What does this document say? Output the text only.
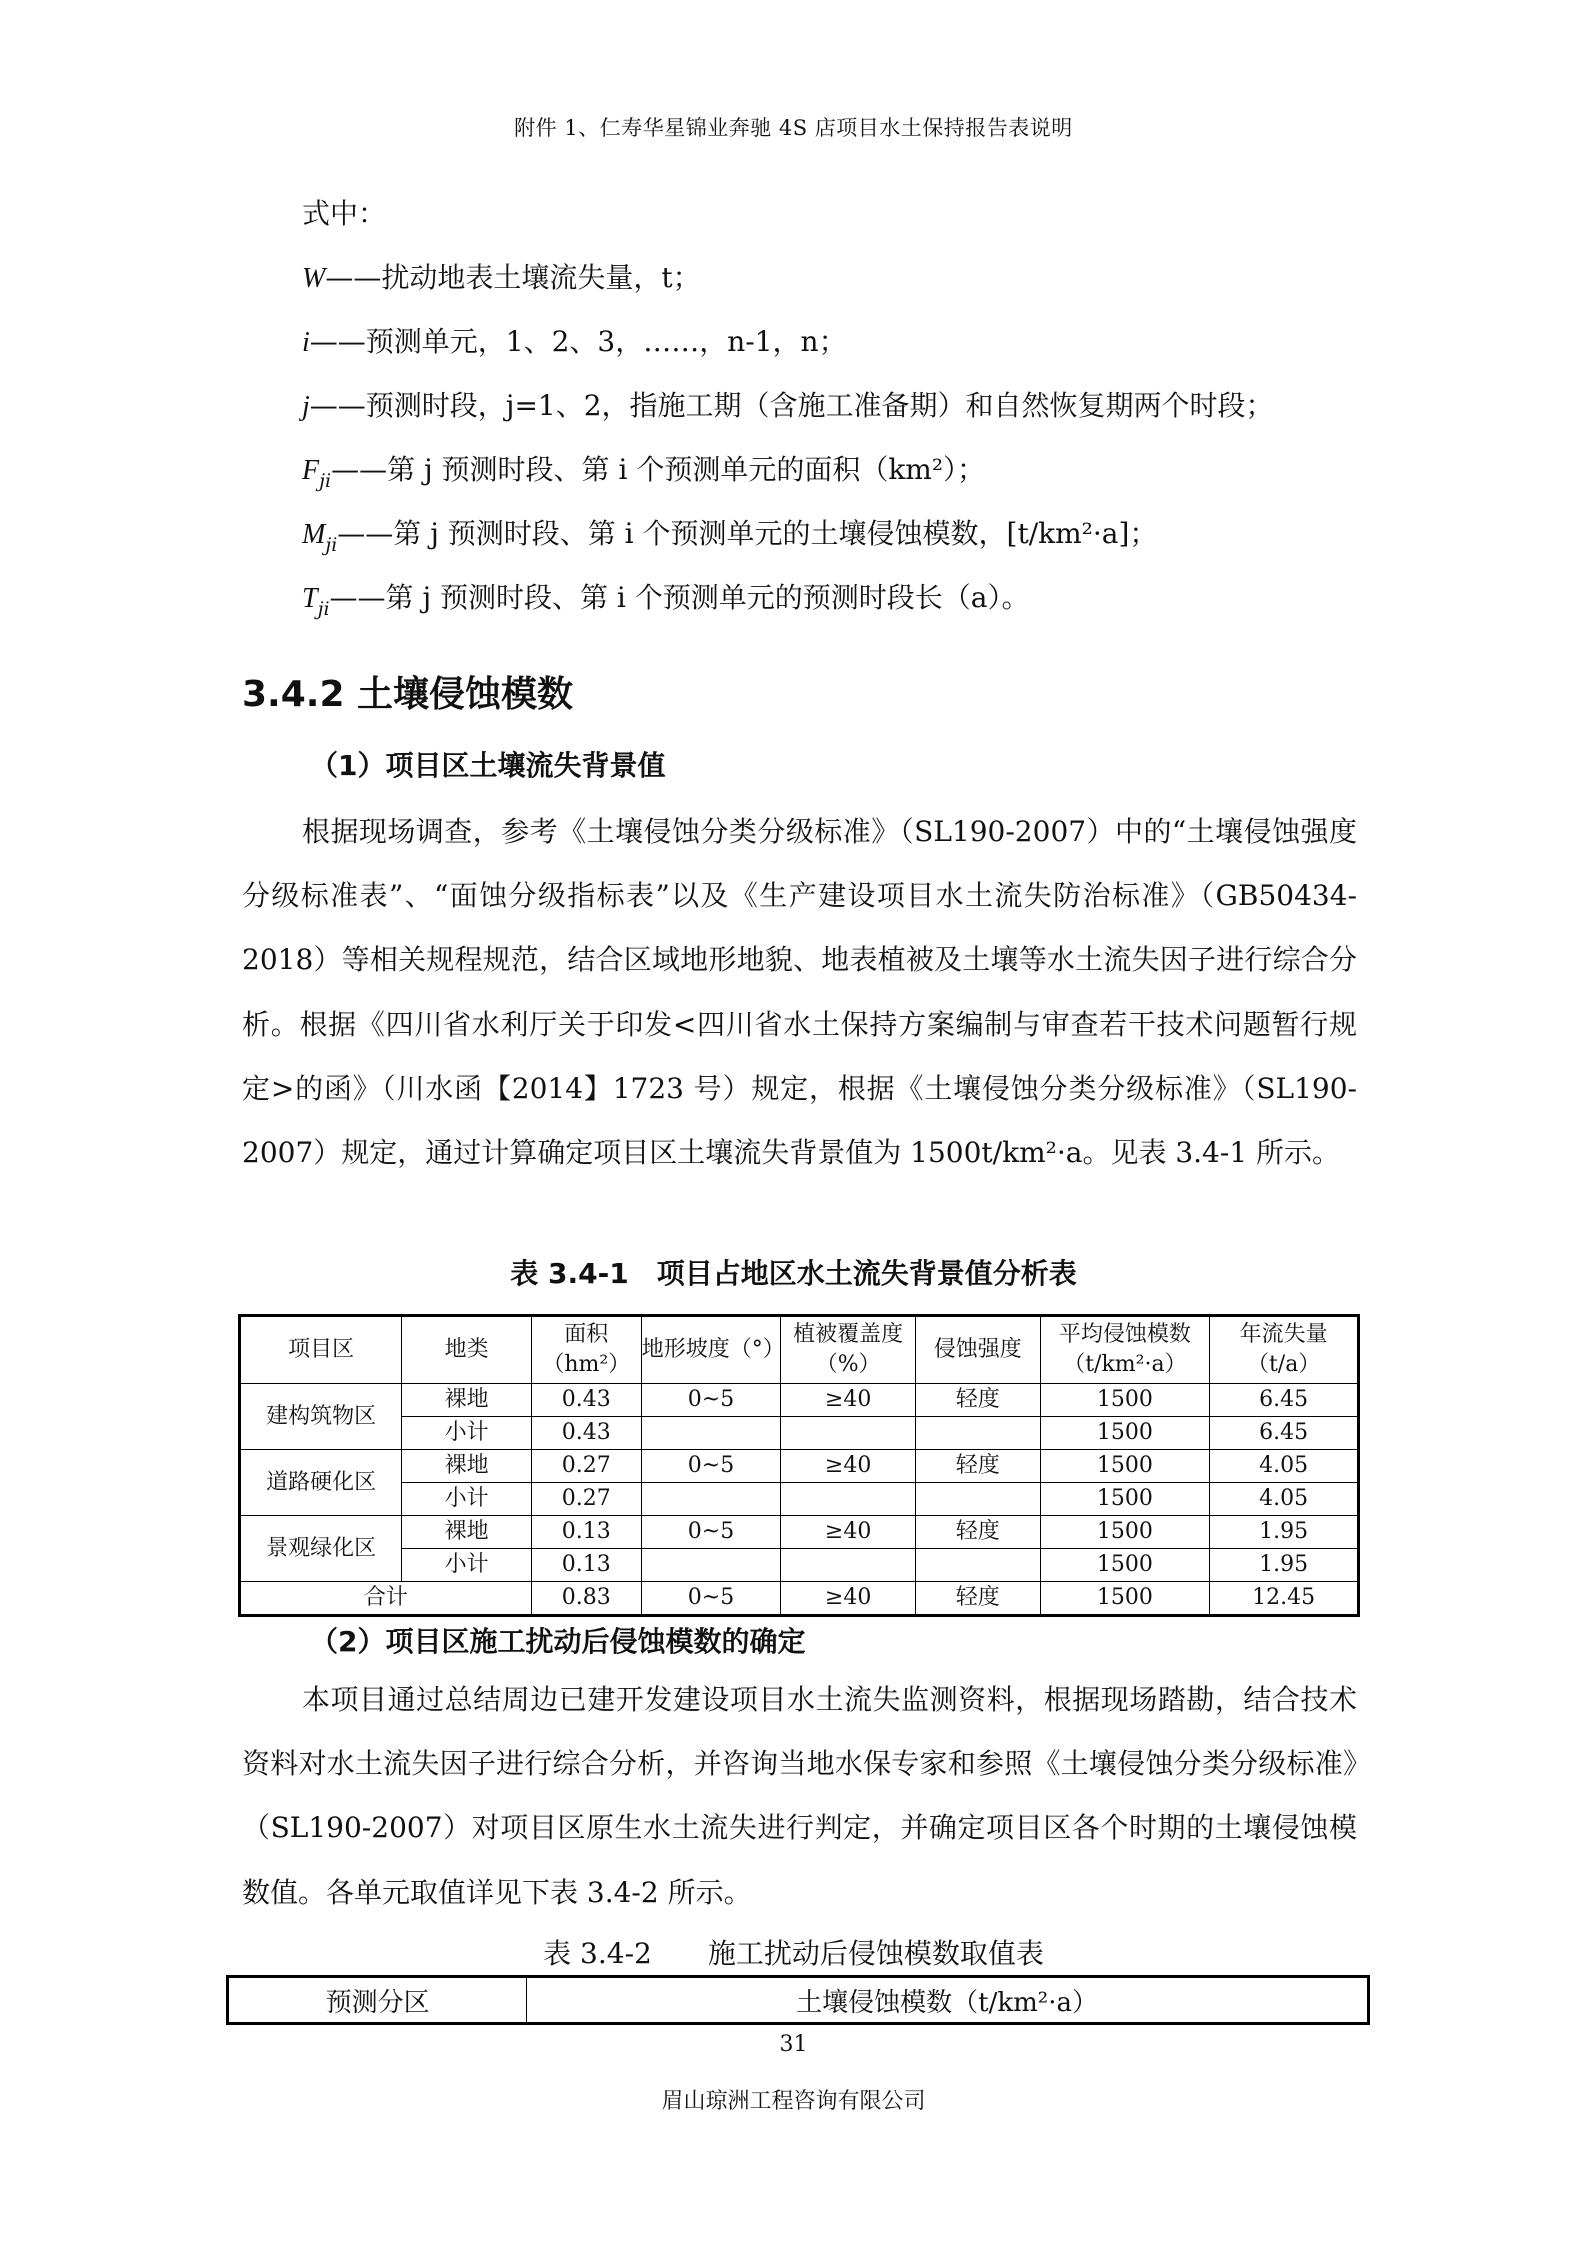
附件 1、仁寿华星锦业奔驰 4S 店项目水土保持报告表说明
式中：
W——扰动地表土壤流失量，t；
i——预测单元，1、2、3，……，n-1，n；
j——预测时段，j=1、2，指施工期（含施工准备期）和自然恢复期两个时段；
$F_{ji}——$第 j 预测时段、第 i 个预测单元的面积（km²）；
$M_{ji}——$第 j 预测时段、第 i 个预测单元的土壤侵蚀模数，[t/km²·a]；
$T_{ji}——$第 j 预测时段、第 i 个预测单元的预测时段长（a）。
3.4.2 土壤侵蚀模数
（1）项目区土壤流失背景值
根据现场调查，参考《土壤侵蚀分类分级标准》（SL190-2007）中的“土壤侵蚀强度分级标准表”、“面蚀分级指标表”以及《生产建设项目水土流失防治标准》（GB50434-2018）等相关规程规范，结合区域地形地貌、地表植被及土壤等水土流失因子进行综合分析。根据《四川省水利厅关于印发<四川省水土保持方案编制与审查若干技术问题暂行规定>的函》（川水函【2014】1723 号）规定，根据《土壤侵蚀分类分级标准》（SL190-2007）规定，通过计算确定项目区土壤流失背景值为 1500t/km²·a。见表 3.4-1 所示。
表 3.4-1　项目占地区水土流失背景值分析表
项目区	地类	面积（hm²）	地形坡度（°）	植被覆盖度（%）	侵蚀强度	平均侵蚀模数（t/km²·a）	年流失量（t/a）
建构筑物区	裸地	0.43	0~5	≥40	轻度	1500	6.45
	小计	0.43				1500	6.45
道路硬化区	裸地	0.27	0~5	≥40	轻度	1500	4.05
	小计	0.27				1500	4.05
景观绿化区	裸地	0.13	0~5	≥40	轻度	1500	1.95
	小计	0.13				1500	1.95
合计		0.83	0~5	≥40	轻度	1500	12.45
（2）项目区施工扰动后侵蚀模数的确定
本项目通过总结周边已建开发建设项目水土流失监测资料，根据现场踏勘，结合技术资料对水土流失因子进行综合分析，并咨询当地水保专家和参照《土壤侵蚀分类分级标准》（SL190-2007）对项目区原生水土流失进行判定，并确定项目区各个时期的土壤侵蚀模数值。各单元取值详见下表 3.4-2 所示。
表 3.4-2　　施工扰动后侵蚀模数取值表
预测分区	土壤侵蚀模数（t/km²·a）
31
眉山琼洲工程咨询有限公司
